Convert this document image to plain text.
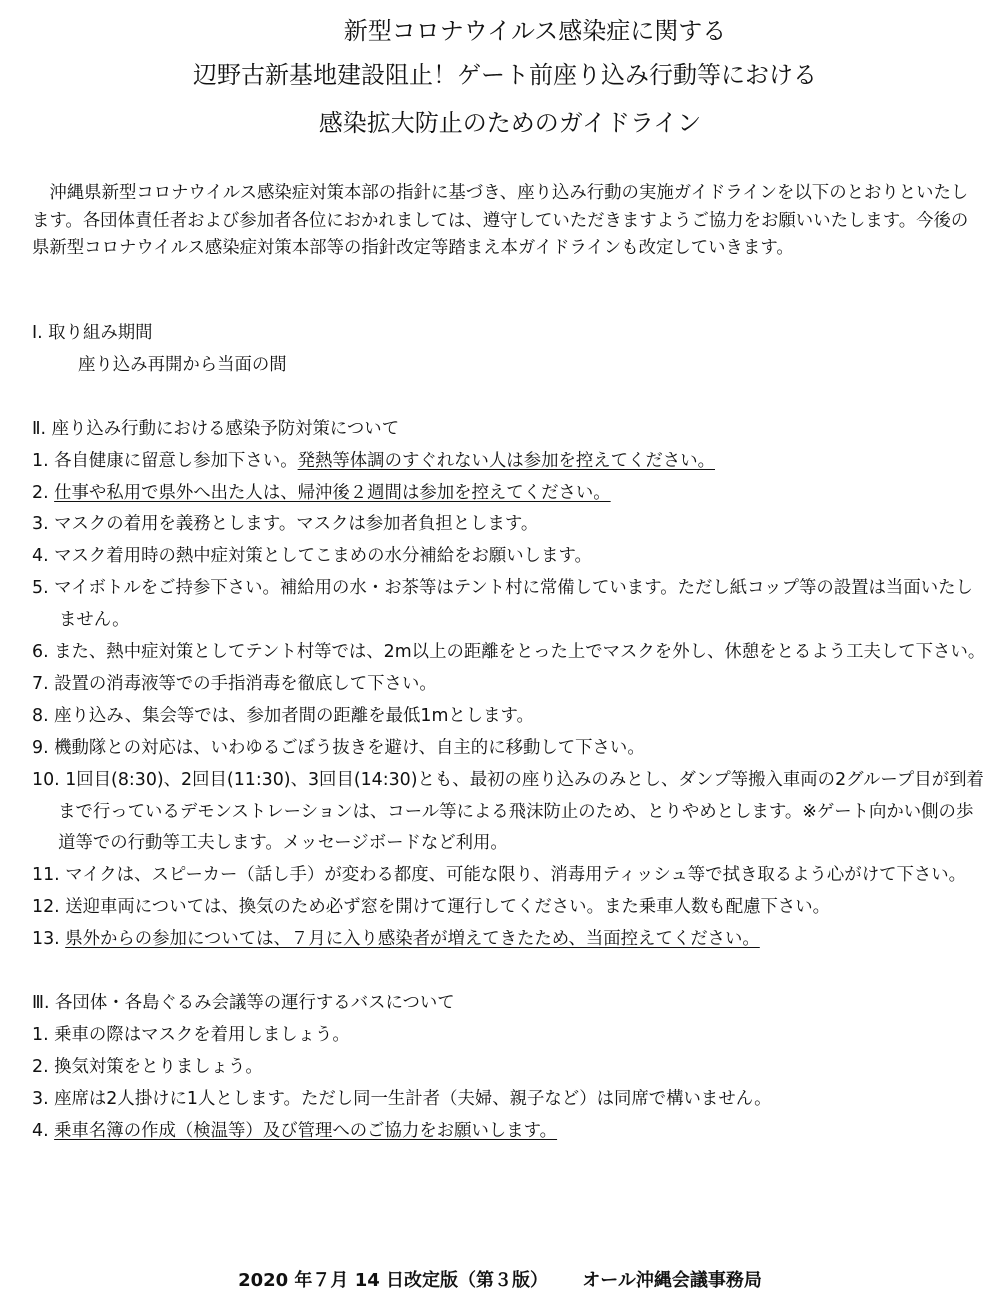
新型コロナウイルス感染症に関する
辺野古新基地建設阻止！ゲート前座り込み行動等における
感染拡大防止のためのガイドライン

沖縄県新型コロナウイルス感染症対策本部の指針に基づき、座り込み行動の実施ガイドラインを以下のとおりといたします。各団体責任者および参加者各位におかれましては、遵守していただきますようご協力をお願いいたします。今後の県新型コロナウイルス感染症対策本部等の指針改定等踏まえ本ガイドラインも改定していきます。

Ⅰ. 取り組み期間
座り込み再開から当面の間
Ⅱ. 座り込み行動における感染予防対策について
1. 各自健康に留意し参加下さい。発熱等体調のすぐれない人は参加を控えてください。
2. 仕事や私用で県外へ出た人は、帰沖後２週間は参加を控えてください。
3. マスクの着用を義務とします。マスクは参加者負担とします。
4. マスク着用時の熱中症対策としてこまめの水分補給をお願いします。
5. マイボトルをご持参下さい。補給用の水・お茶等はテント村に常備しています。ただし紙コップ等の設置は当面いたしません。
6. また、熱中症対策としてテント村等では、2m以上の距離をとった上でマスクを外し、休憩をとるよう工夫して下さい。
7. 設置の消毒液等での手指消毒を徹底して下さい。
8. 座り込み、集会等では、参加者間の距離を最低1mとします。
9. 機動隊との対応は、いわゆるごぼう抜きを避け、自主的に移動して下さい。
10. 1回目(8:30)、2回目(11:30)、3回目(14:30)とも、最初の座り込みのみとし、ダンプ等搬入車両の2グループ目が到着まで行っているデモンストレーションは、コール等による飛沫防止のため、とりやめとします。※ゲート向かい側の歩道等での行動等工夫します。メッセージボードなど利用。
11. マイクは、スピーカー（話し手）が変わる都度、可能な限り、消毒用ティッシュ等で拭き取るよう心がけて下さい。
12. 送迎車両については、換気のため必ず窓を開けて運行してください。また乗車人数も配慮下さい。
13. 県外からの参加については、７月に入り感染者が増えてきたため、当面控えてください。
Ⅲ. 各団体・各島ぐるみ会議等の運行するバスについて
1. 乗車の際はマスクを着用しましょう。
2. 換気対策をとりましょう。
3. 座席は2人掛けに1人とします。ただし同一生計者（夫婦、親子など）は同席で構いません。
4. 乗車名簿の作成（検温等）及び管理へのご協力をお願いします。
2020 年７月 14 日改定版（第３版） オール沖縄会議事務局
